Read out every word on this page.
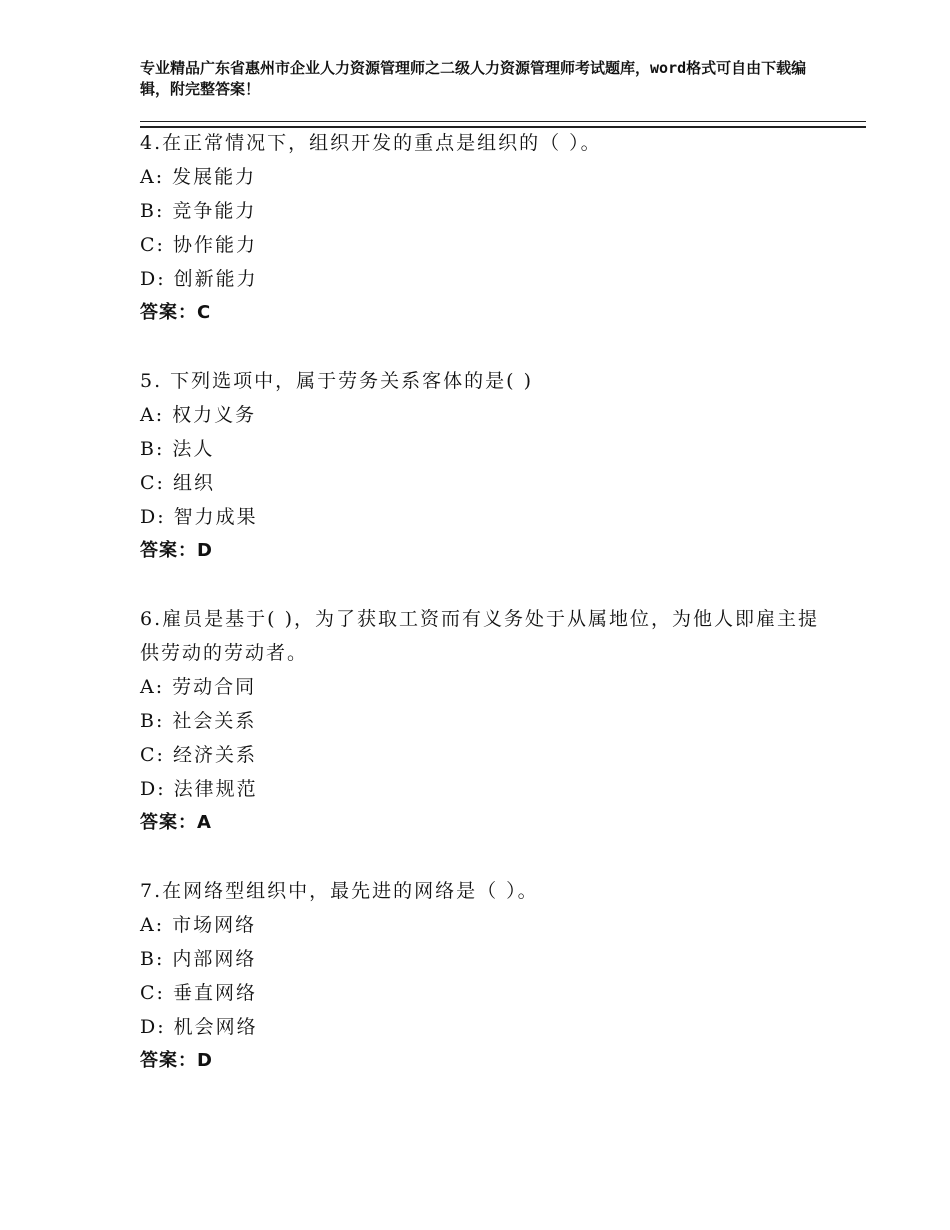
专业精品广东省惠州市企业人力资源管理师之二级人力资源管理师考试题库，word格式可自由下载编辑，附完整答案！
4.在正常情况下，组织开发的重点是组织的（ ）。
A: 发展能力
B: 竞争能力
C: 协作能力
D: 创新能力
答案：C
5. 下列选项中，属于劳务关系客体的是( )
A: 权力义务
B: 法人
C: 组织
D: 智力成果
答案：D
6.雇员是基于( )，为了获取工资而有义务处于从属地位，为他人即雇主提供劳动的劳动者。
A: 劳动合同
B: 社会关系
C: 经济关系
D: 法律规范
答案：A
7.在网络型组织中，最先进的网络是（ ）。
A: 市场网络
B: 内部网络
C: 垂直网络
D: 机会网络
答案：D
